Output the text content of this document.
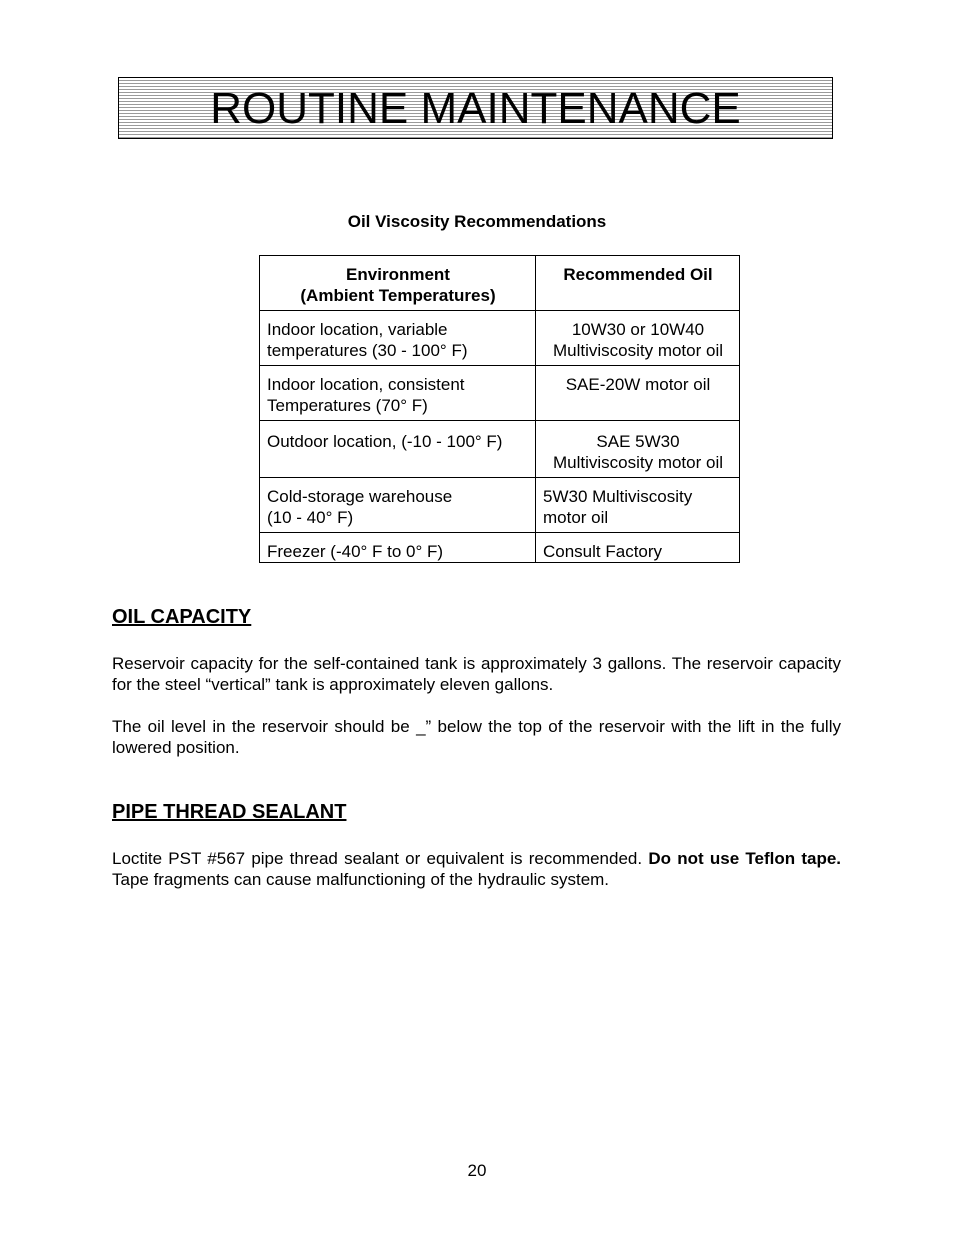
ROUTINE MAINTENANCE
Oil Viscosity Recommendations
Environment
(Ambient Temperatures)	Recommended Oil
Indoor location, variable
temperatures (30 - 100° F)	10W30 or 10W40
Multiviscosity motor oil
Indoor location, consistent
Temperatures (70° F)	SAE-20W motor oil
Outdoor location, (-10 - 100° F)	SAE 5W30
Multiviscosity motor oil
Cold-storage warehouse
(10 - 40° F)	5W30 Multiviscosity
motor oil
Freezer (-40° F to 0° F)	Consult Factory
OIL CAPACITY
Reservoir capacity for the self-contained tank is approximately 3 gallons. The reservoir capacity for the steel “vertical” tank is approximately eleven gallons.
The oil level in the reservoir should be _” below the top of the reservoir with the lift in the fully lowered position.
PIPE THREAD SEALANT
Loctite PST #567 pipe thread sealant or equivalent is recommended. Do not use Teflon tape. Tape fragments can cause malfunctioning of the hydraulic system.
20
